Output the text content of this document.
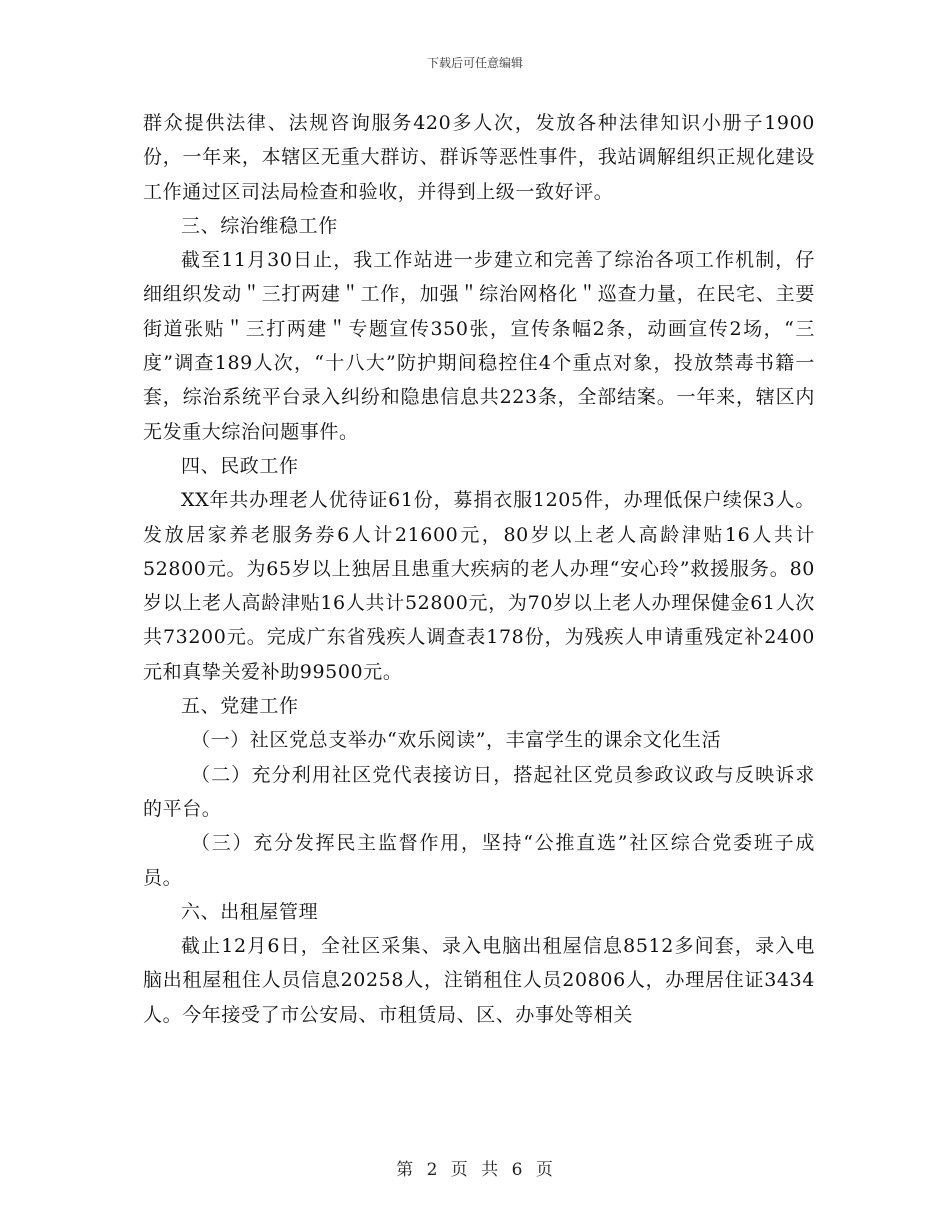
下载后可任意编辑

群众提供法律、法规咨询服务420多人次，发放各种法律知识小册子1900份，一年来，本辖区无重大群访、群诉等恶性事件，我站调解组织正规化建设工作通过区司法局检查和验收，并得到上级一致好评。

三、综治维稳工作

截至11月30日止，我工作站进一步建立和完善了综治各项工作机制，仔细组织发动＂三打两建＂工作，加强＂综治网格化＂巡查力量，在民宅、主要街道张贴＂三打两建＂专题宣传350张，宣传条幅2条，动画宣传2场，“三度”调查189人次，“十八大”防护期间稳控住4个重点对象，投放禁毒书籍一套，综治系统平台录入纠纷和隐患信息共223条，全部结案。一年来，辖区内无发重大综治问题事件。

四、民政工作

XX年共办理老人优待证61份，募捐衣服1205件，办理低保户续保3人。发放居家养老服务券6人计21600元，80岁以上老人高龄津贴16人共计52800元。为65岁以上独居且患重大疾病的老人办理“安心玲”救援服务。80岁以上老人高龄津贴16人共计52800元，为70岁以上老人办理保健金61人次共73200元。完成广东省残疾人调查表178份，为残疾人申请重残定补2400元和真挚关爱补助99500元。

五、党建工作

（一）社区党总支举办“欢乐阅读”，丰富学生的课余文化生活

（二）充分利用社区党代表接访日，搭起社区党员参政议政与反映诉求的平台。

（三）充分发挥民主监督作用，坚持“公推直选”社区综合党委班子成员。

六、出租屋管理

截止12月6日，全社区采集、录入电脑出租屋信息8512多间套，录入电脑出租屋租住人员信息20258人，注销租住人员20806人，办理居住证3434人。今年接受了市公安局、市租赁局、区、办事处等相关

第 2 页 共 6 页
